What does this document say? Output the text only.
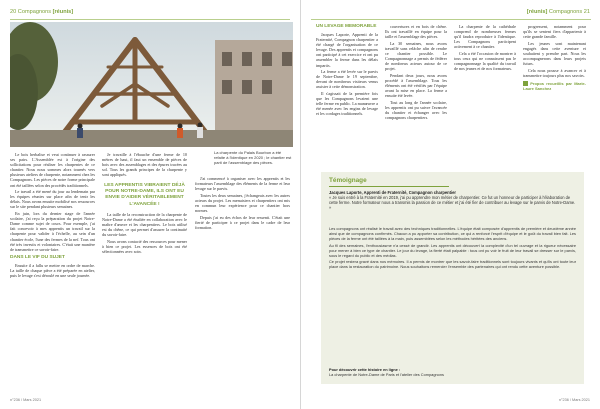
20 Compagnons [réunis]
La charpente du Palais Bourbon a été refaite à l'identique en 2020 ; le chantier est parti de l'assemblage des pièces.

Le bois herbalise et veut continuer à rassurer ses pairs. L'Assemblée est à l'origine des sollicitations pour réaliser les charpentes de ce chantier. Nous nous sommes alors tournés vers plusieurs ateliers de charpente, notamment chez les Compagnons. Les pièces de notre forme principale ont été taillées selon des procédés traditionnels.

Le travail a été mené du jour au lendemain par les équipes réunies sur place afin de tenir les délais. Nous avons ensuite mobilisé nos ressources sur le site pendant plusieurs semaines.

En juin, lors du dernier stage de l'année scolaire, j'ai reçu la préparation du projet Notre-Dame comme sujet de cours. Pour exemple, j'ai fait concevoir à mes apprentis un travail sur la charpente pour valider à l'échelle, au sein d'un chantier école, l'une des fermes de la nef. Tous ont été très investis et volontaires. C'était une manière de transmettre ce savoir-faire.

DANS LE VIF DU SUJET

Ensuite il a fallu se mettre en ordre de marche. La taille de chaque pièce a été préparée en atelier, puis le levage s'est déroulé en une seule journée.

Je travaille à l'ébauche d'une ferme de 10 mètres de haut, il faut un ensemble de pièces de bois avec des assemblages et des épures tracées au sol. Tous les grands principes de la charpente y sont appliqués.

LES APPRENTIS VIBRAIENT DÉJÀ POUR NOTRE-DAME, ILS ONT EU ENVIE D'AIDER VÉRITABLEMENT L'AVANCÉE !

La taille de la reconstruction de la charpente de Notre-Dame a été étudiée en collaboration avec le maître d'œuvre et les charpentiers. Le bois utilisé est du chêne, ce qui permet d'assurer la continuité du savoir-faire.

Nous avons contacté des ressources pour mener à bien ce projet. Les essences de bois ont été sélectionnées avec soin.

J'ai commencé à organiser avec les apprentis et les formateurs l'assemblage des éléments de la ferme et leur levage sur le parvis.

Toutes les deux semaines, j'échangeais avec les autres acteurs du projet. Les menuisiers et charpentiers ont mis en commun leur expérience pour ce chantier hors normes.

Depuis j'ai eu des échos de leur ressenti. C'était une fierté de participer à ce projet dans le cadre de leur formation.

n°236 / Mars 2021
[réunis] Compagnons 21
UN LEVAGE MÉMORABLE

Jacques Laporte, Apprenti de la Fraternité, Compagnon charpentier a été chargé de l'organisation de ce levage. Des apprentis et compagnons ont participé à cet exercice et ont pu assembler la ferme dans les délais impartis.

La ferme a été levée sur le parvis de Notre-Dame le 19 septembre, devant de nombreux visiteurs venus assister à cette démonstration.

Il s'agissait de la première fois que les Compagnons levaient une telle ferme en public. La manœuvre a été menée avec les engins de levage et les cordages traditionnels.

couvertures et en bois de chêne. Ils ont travaillé en équipe pour la taille et l'assemblage des pièces.

La 30 semaines, nous avons travaillé sans relâche afin de rendre ce chantier possible. Le Compagnonnage a permis de fédérer de nombreux acteurs autour de ce projet.

Pendant deux jours, nous avons procédé à l'assemblage. Tous les éléments ont été vérifiés par l'équipe avant la mise en place. La ferme a ensuite été levée.

Tout au long de l'année scolaire, les apprentis ont pu suivre l'avancée du chantier et échanger avec les compagnons charpentiers.

La charpente de la cathédrale comprend de nombreuses fermes qu'il faudra reproduire à l'identique. Les Compagnons participent activement à ce chantier.

Cela a été l'occasion de montrer à tous ceux qui ne connaissent pas le compagnonnage la qualité du travail de nos jeunes et de nos formateurs.

progressent, notamment pour qu'ils se sentent fiers d'appartenir à cette grande famille.

Les jeunes sont maintenant engagés dans cette aventure et souhaitent y prendre part. Nous les accompagnerons dans leurs projets futurs.

Cela nous pousse à avancer et à transmettre toujours plus nos savoirs.

Propos recueillis par Marie-Laure Sanchez
n°236 / Mars 2021
Témoignage
Jacques Laporte, Apprenti de Fraternité, Compagnon charpentier
« Je suis entré à la Fraternité en 2019, j'ai pu apprendre mon métier de charpentier. Ce fut un honneur de participer à l'élaboration de cette ferme. Notre formateur nous a transmis la passion de ce métier et j'ai été fier de contribuer au levage sur le parvis de Notre-Dame. »

Les compagnons ont réalisé le travail avec des techniques traditionnelles. L'équipe était composée d'apprentis de première et deuxième année ainsi que de compagnons confirmés. Chacun a pu apporter sa contribution, ce qui a renforcé l'esprit d'équipe et le goût du travail bien fait. Les pièces de la ferme ont été taillées à la main, puis assemblées selon les méthodes héritées des anciens.

Au fil des semaines, l'enthousiasme n'a cessé de grandir. Les apprentis ont découvert la complexité d'un tel ouvrage et la rigueur nécessaire pour mener à bien ce type de chantier. Le jour du levage, la fierté était palpable : tous ont pu voir le fruit de leur travail se dresser sur le parvis, sous le regard du public et des médias.

Ce projet restera gravé dans nos mémoires. Il a permis de montrer que les savoir-faire traditionnels sont toujours vivants et qu'ils ont toute leur place dans la restauration du patrimoine. Nous souhaitons remercier l'ensemble des partenaires qui ont rendu cette aventure possible.

Pour découvrir cette histoire en ligne :
La charpente de Notre-Dame de Paris et l'atelier des Compagnons
